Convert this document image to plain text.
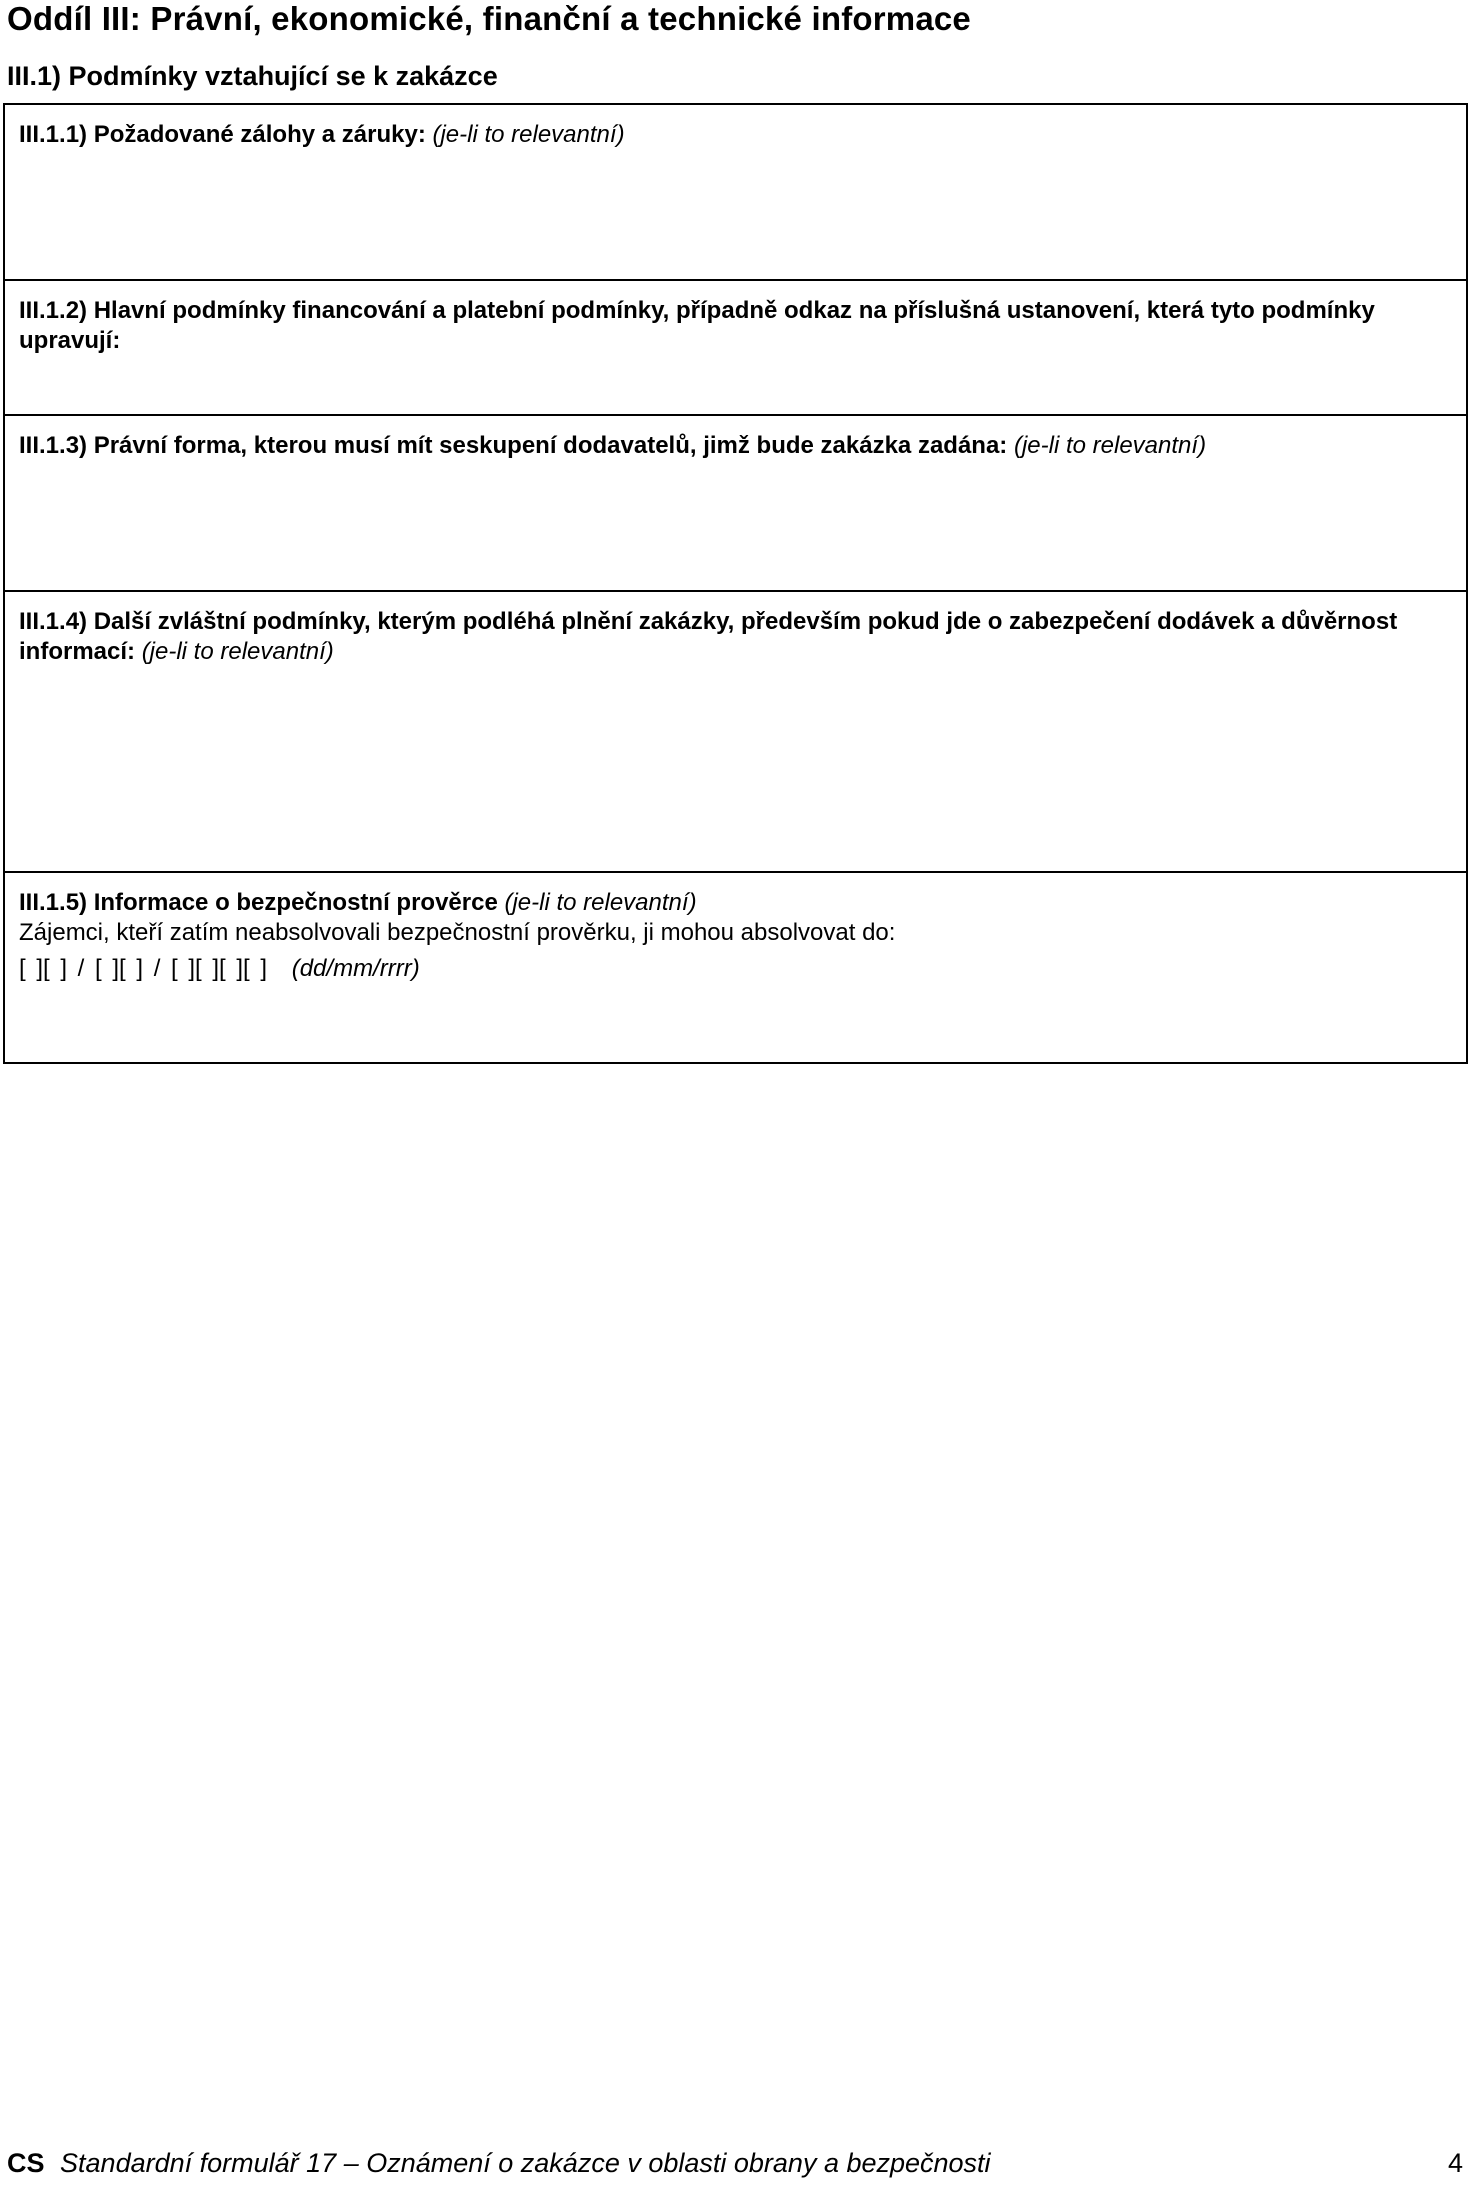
Oddíl III: Právní, ekonomické, finanční a technické informace
III.1) Podmínky vztahující se k zakázce
III.1.1) Požadované zálohy a záruky: (je-li to relevantní)
III.1.2) Hlavní podmínky financování a platební podmínky, případně odkaz na příslušná ustanovení, která tyto podmínky upravují:
III.1.3) Právní forma, kterou musí mít seskupení dodavatelů, jimž bude zakázka zadána: (je-li to relevantní)
III.1.4) Další zvláštní podmínky, kterým podléhá plnění zakázky, především pokud jde o zabezpečení dodávek a důvěrnost informací: (je-li to relevantní)
III.1.5) Informace o bezpečnostní prověrce (je-li to relevantní)
Zájemci, kteří zatím neabsolvovali bezpečnostní prověrku, ji mohou absolvovat do:
[ ][ ] / [ ][ ] / [ ][ ][ ][ ] (dd/mm/rrrr)
CS Standardní formulář 17 – Oznámení o zakázce v oblasti obrany a bezpečnosti	4
